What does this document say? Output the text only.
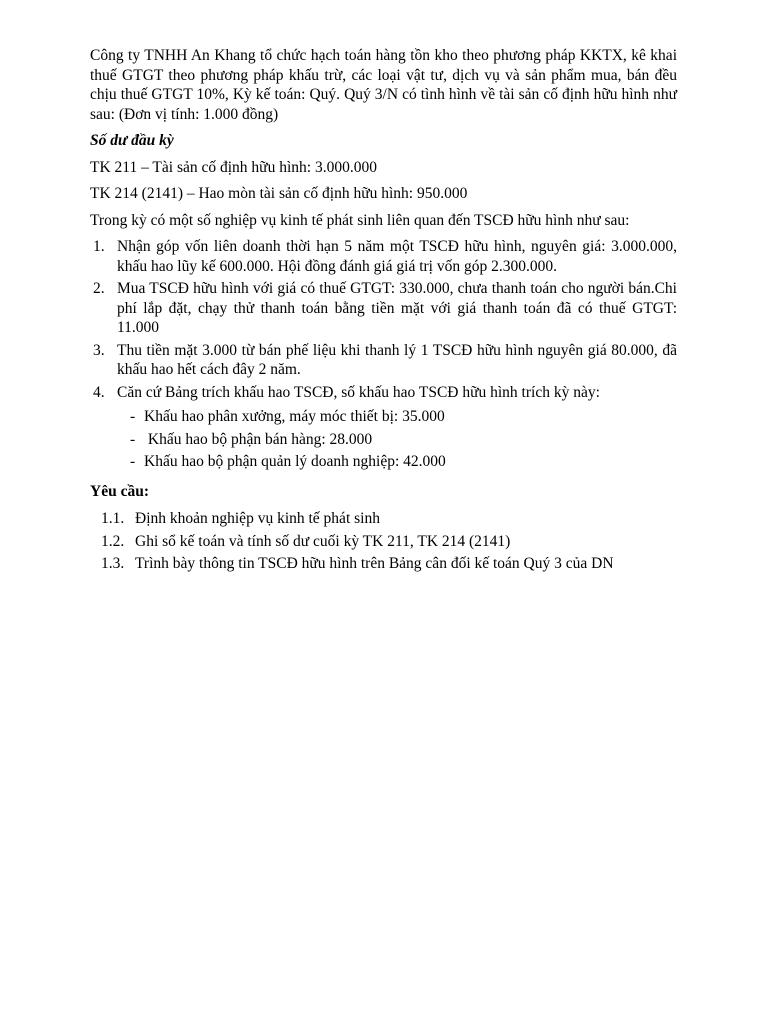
Công ty TNHH An Khang tổ chức hạch toán hàng tồn kho theo phương pháp KKTX, kê khai thuế GTGT theo phương pháp khấu trừ, các loại vật tư, dịch vụ và sản phẩm mua, bán đều chịu thuế GTGT 10%, Kỳ kế toán: Quý. Quý 3/N có tình hình về tài sản cố định hữu hình như sau: (Đơn vị tính: 1.000 đồng)

Số dư đầu kỳ

TK 211 – Tài sản cố định hữu hình: 3.000.000

TK 214 (2141) – Hao mòn tài sản cố định hữu hình: 950.000

Trong kỳ có một số nghiệp vụ kinh tế phát sinh liên quan đến TSCĐ hữu hình như sau:

1. Nhận góp vốn liên doanh thời hạn 5 năm một TSCĐ hữu hình, nguyên giá: 3.000.000, khấu hao lũy kế 600.000. Hội đồng đánh giá giá trị vốn góp 2.300.000.
2. Mua TSCĐ hữu hình với giá có thuế GTGT: 330.000, chưa thanh toán cho người bán.Chi phí lắp đặt, chạy thử thanh toán bằng tiền mặt với giá thanh toán đã có thuế GTGT: 11.000
3. Thu tiền mặt 3.000 từ bán phế liệu khi thanh lý 1 TSCĐ hữu hình nguyên giá 80.000, đã khấu hao hết cách đây 2 năm.
4. Căn cứ Bảng trích khấu hao TSCĐ, số khấu hao TSCĐ hữu hình trích kỳ này:
- Khấu hao phân xưởng, máy móc thiết bị: 35.000
- Khấu hao bộ phận bán hàng: 28.000
- Khấu hao bộ phận quản lý doanh nghiệp: 42.000

Yêu cầu:

1.1. Định khoản nghiệp vụ kinh tế phát sinh
1.2. Ghi sổ kế toán và tính số dư cuối kỳ TK 211, TK 214 (2141)
1.3. Trình bày thông tin TSCĐ hữu hình trên Bảng cân đối kế toán Quý 3 của DN
